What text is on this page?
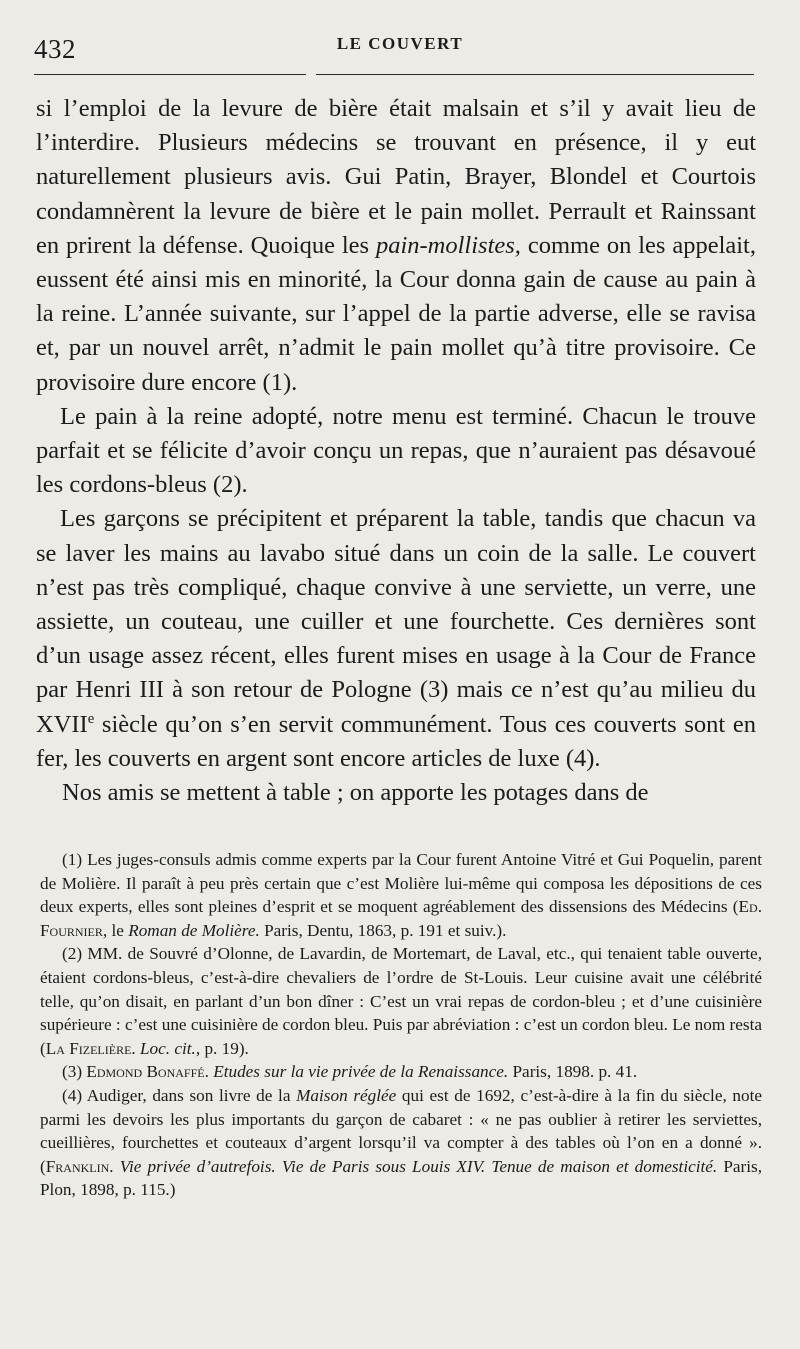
432	LE COUVERT

si l’emploi de la levure de bière était malsain et s’il y avait lieu de l’interdire. Plusieurs médecins se trouvant en présence, il y eut naturellement plusieurs avis. Gui Patin, Brayer, Blondel et Courtois condamnèrent la levure de bière et le pain mollet. Perrault et Rainssant en prirent la défense. Quoique les pain-mollistes, comme on les appelait, eussent été ainsi mis en minorité, la Cour donna gain de cause au pain à la reine. L’année suivante, sur l’appel de la partie adverse, elle se ravisa et, par un nouvel arrêt, n’admit le pain mollet qu’à titre provisoire. Ce provisoire dure encore (1).

Le pain à la reine adopté, notre menu est terminé. Chacun le trouve parfait et se félicite d’avoir conçu un repas, que n’auraient pas désavoué les cordons-bleus (2).

Les garçons se précipitent et préparent la table, tandis que chacun va se laver les mains au lavabo situé dans un coin de la salle. Le couvert n’est pas très compliqué, chaque convive à une serviette, un verre, une assiette, un couteau, une cuiller et une fourchette. Ces dernières sont d’un usage assez récent, elles furent mises en usage à la Cour de France par Henri III à son retour de Pologne (3) mais ce n’est qu’au milieu du XVIIe siècle qu’on s’en servit communément. Tous ces couverts sont en fer, les couverts en argent sont encore articles de luxe (4).

Nos amis se mettent à table ; on apporte les potages dans de

(1) Les juges-consuls admis comme experts par la Cour furent Antoine Vitré et Gui Poquelin, parent de Molière. Il paraît à peu près certain que c’est Molière lui-même qui composa les dépositions de ces deux experts, elles sont pleines d’esprit et se moquent agréablement des dissensions des Médecins (Ed. Fournier, le Roman de Molière. Paris, Dentu, 1863, p. 191 et suiv.).

(2) MM. de Souvré d’Olonne, de Lavardin, de Mortemart, de Laval, etc., qui tenaient table ouverte, étaient cordons-bleus, c’est-à-dire chevaliers de l’ordre de St-Louis. Leur cuisine avait une célébrité telle, qu’on disait, en parlant d’un bon dîner : C’est un vrai repas de cordon-bleu ; et d’une cuisinière supérieure : c’est une cuisinière de cordon bleu. Puis par abréviation : c’est un cordon bleu. Le nom resta (La Fizelière. Loc. cit., p. 19).

(3) Edmond Bonaffé. Etudes sur la vie privée de la Renaissance. Paris, 1898. p. 41.

(4) Audiger, dans son livre de la Maison réglée qui est de 1692, c’est-à-dire à la fin du siècle, note parmi les devoirs les plus importants du garçon de cabaret : « ne pas oublier à retirer les serviettes, cueillières, fourchettes et couteaux d’argent lorsqu’il va compter à des tables où l’on en a donné ». (Franklin. Vie privée d’autrefois. Vie de Paris sous Louis XIV. Tenue de maison et domesticité. Paris, Plon, 1898, p. 115.)
